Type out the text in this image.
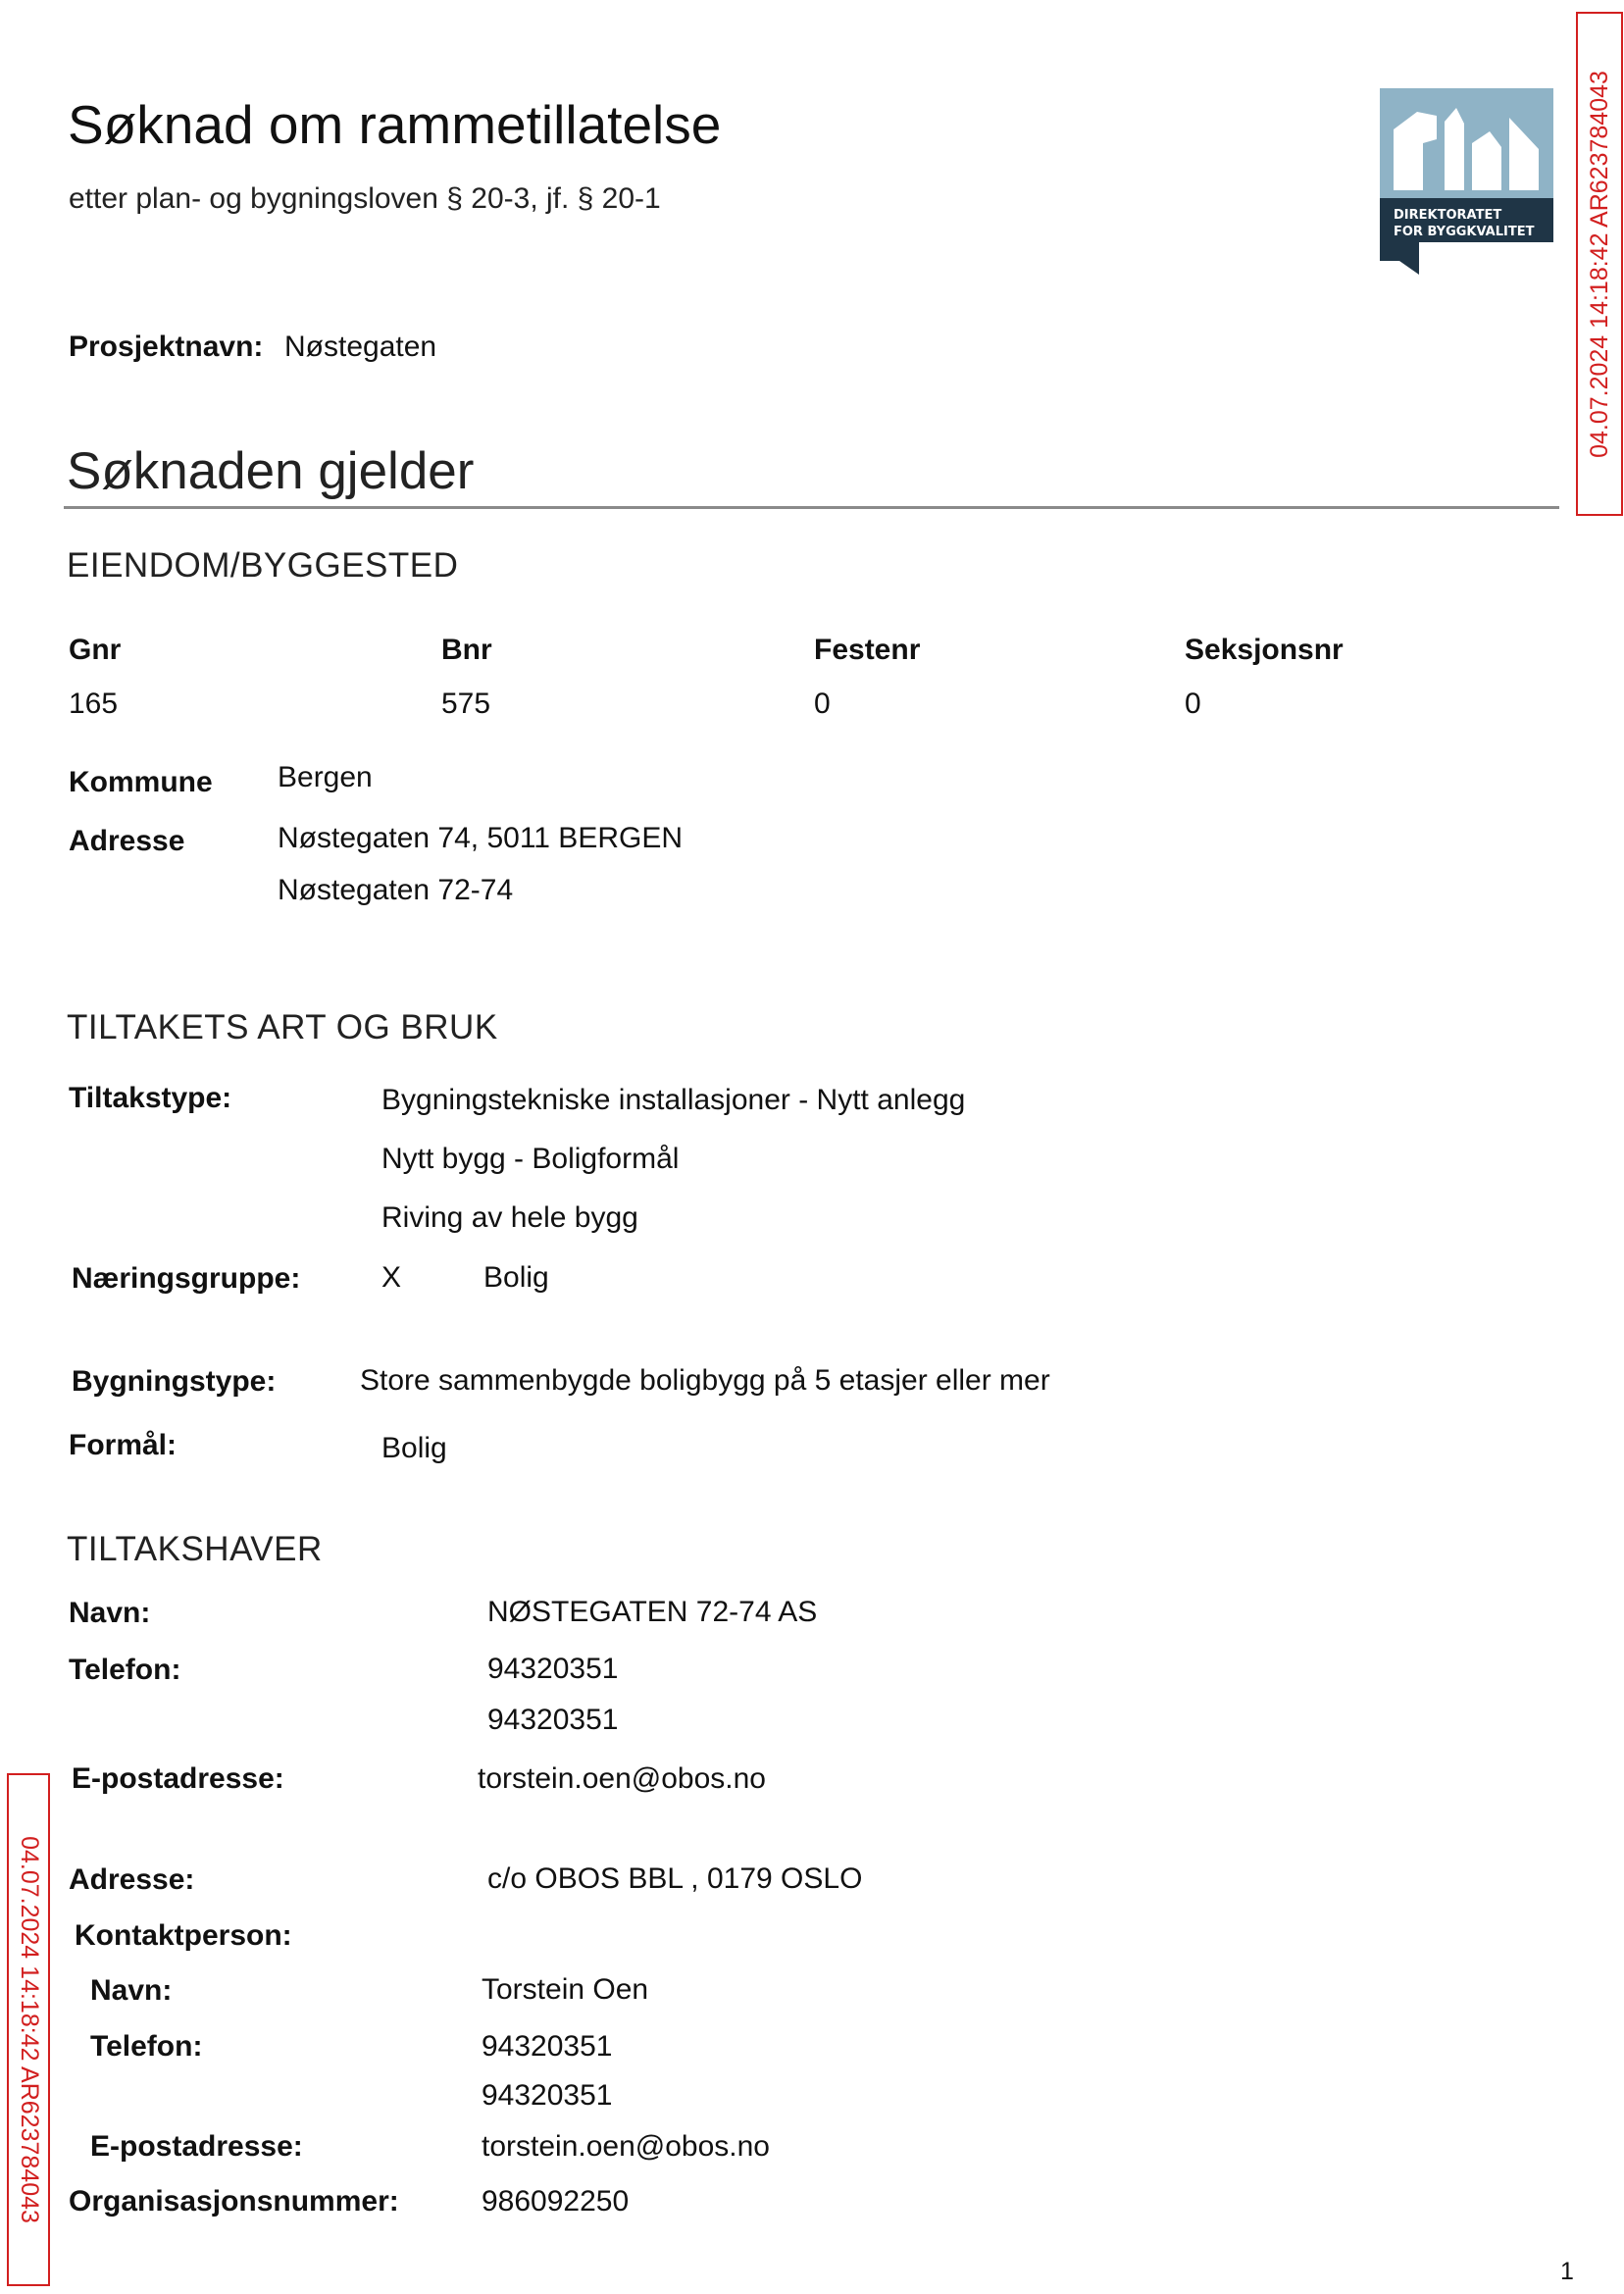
Søknad om rammetillatelse
etter plan- og bygningsloven § 20-3, jf. § 20-1
DIREKTORATET
FOR BYGGKVALITET 04.07.2024 14:18:42 AR623784043
04.07.2024 14:18:42 AR623784043
Prosjektnavn: Nøstegaten
Søknaden gjelder
EIENDOM/BYGGESTED
Gnr	Bnr	Festenr	Seksjonsnr
165	575	0	0
Kommune Bergen
Adresse	Nøstegaten 74, 5011 BERGEN
Nøstegaten 72-74
TILTAKETS ART OG BRUK
Tiltakstype:	Bygningstekniske installasjoner - Nytt anlegg
Nytt bygg - Boligformål
Riving av hele bygg
Næringsgruppe:	X	Bolig
Bygningstype:	Store sammenbygde boligbygg på 5 etasjer eller mer
Formål:	Bolig
TILTAKSHAVER
Navn:	NØSTEGATEN 72-74 AS
Telefon:	94320351
94320351
E-postadresse:	torstein.oen@obos.no
Adresse:	c/o OBOS BBL , 0179 OSLO
Kontaktperson:
Navn:	Torstein Oen
Telefon:	94320351
94320351
E-postadresse:	torstein.oen@obos.no
Organisasjonsnummer:	986092250
1
